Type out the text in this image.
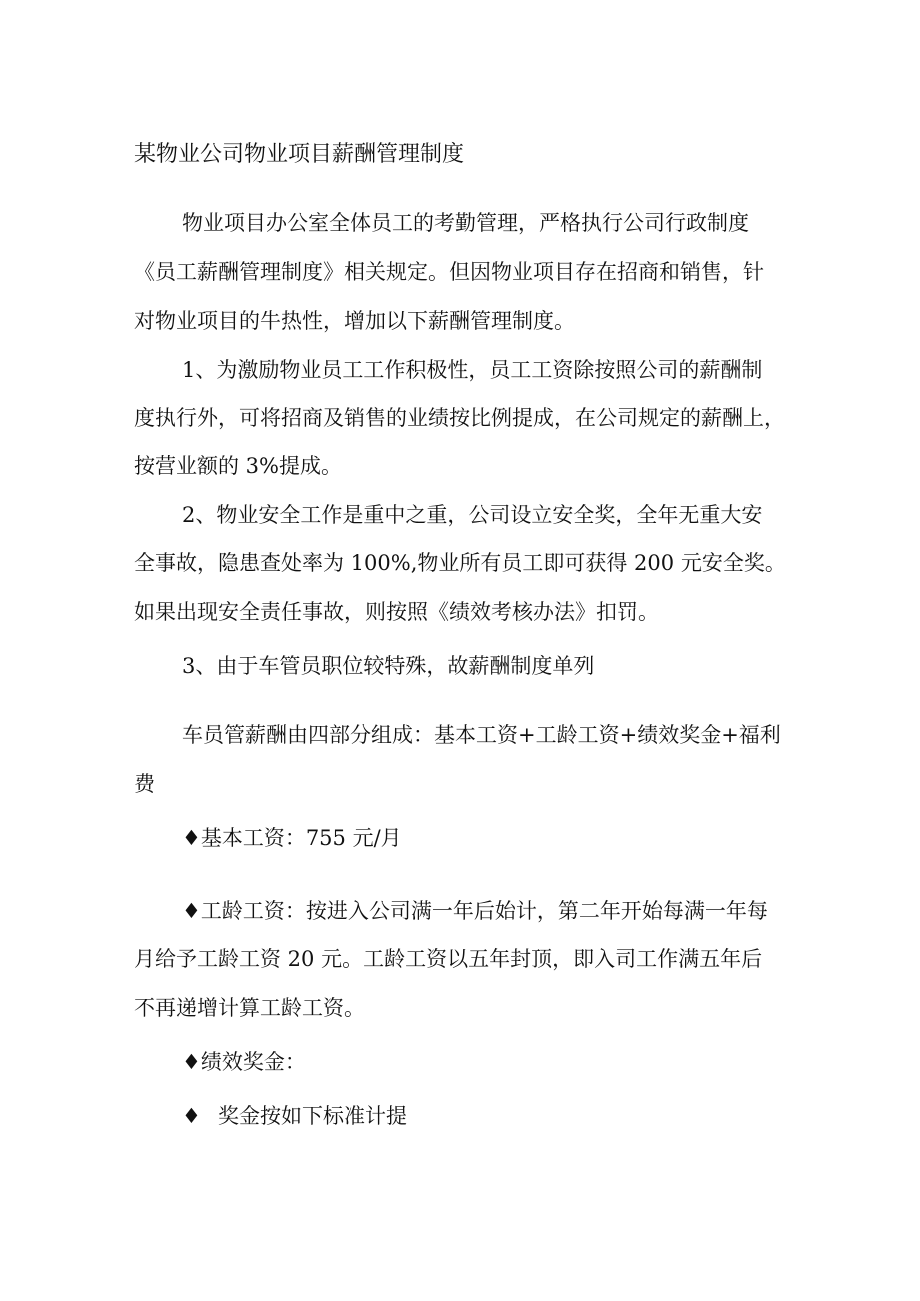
某物业公司物业项目薪酬管理制度
物业项目办公室全体员工的考勤管理，严格执行公司行政制度
《员工薪酬管理制度》相关规定。但因物业项目存在招商和销售，针
对物业项目的牛热性，增加以下薪酬管理制度。
1、为激励物业员工工作积极性，员工工资除按照公司的薪酬制
度执行外，可将招商及销售的业绩按比例提成，在公司规定的薪酬上，
按营业额的 3%提成。
2、物业安全工作是重中之重，公司设立安全奖，全年无重大安
全事故，隐患查处率为 100%,物业所有员工即可获得 200 元安全奖。
如果出现安全责任事故，则按照《绩效考核办法》扣罚。
3、由于车管员职位较特殊，故薪酬制度单列
车员管薪酬由四部分组成：基本工资+工龄工资+绩效奖金+福利
费
♦基本工资：755 元/月
♦工龄工资：按进入公司满一年后始计，第二年开始每满一年每
月给予工龄工资 20 元。工龄工资以五年封顶，即入司工作满五年后
不再递增计算工龄工资。
♦绩效奖金：
♦ 奖金按如下标准计提
